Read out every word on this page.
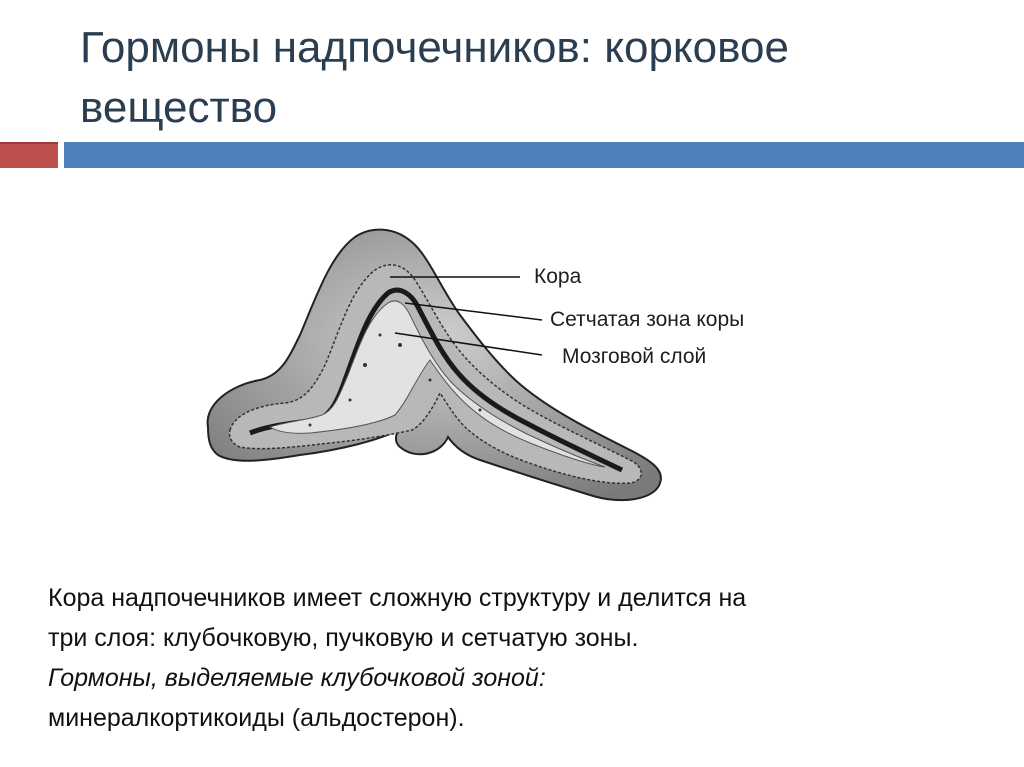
Гормоны надпочечников: корковое вещество
Кора
Сетчатая зона коры
Мозговой слой
Кора надпочечников имеет сложную структуру и делится на
три слоя: клубочковую, пучковую и сетчатую зоны.
Гормоны, выделяемые клубочковой зоной:
минералкортикоиды (альдостерон).
